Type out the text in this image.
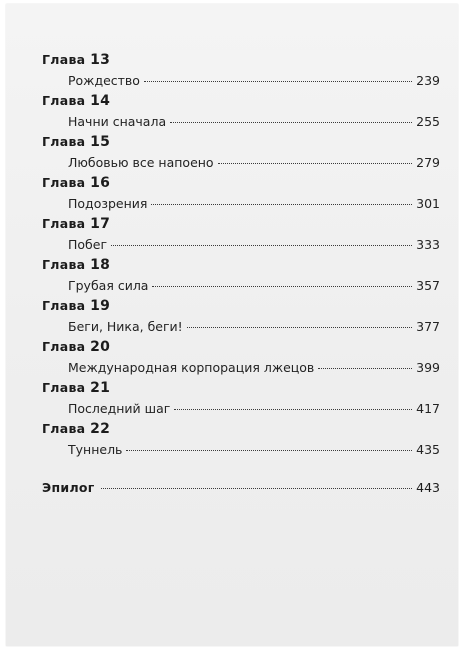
Глава 13
Рождество	239
Глава 14
Начни сначала	255
Глава 15
Любовью все напоено	279
Глава 16
Подозрения	301
Глава 17
Побег	333
Глава 18
Грубая сила	357
Глава 19
Беги, Ника, беги!	377
Глава 20
Международная корпорация лжецов	399
Глава 21
Последний шаг	417
Глава 22
Туннель	435
Эпилог	443
